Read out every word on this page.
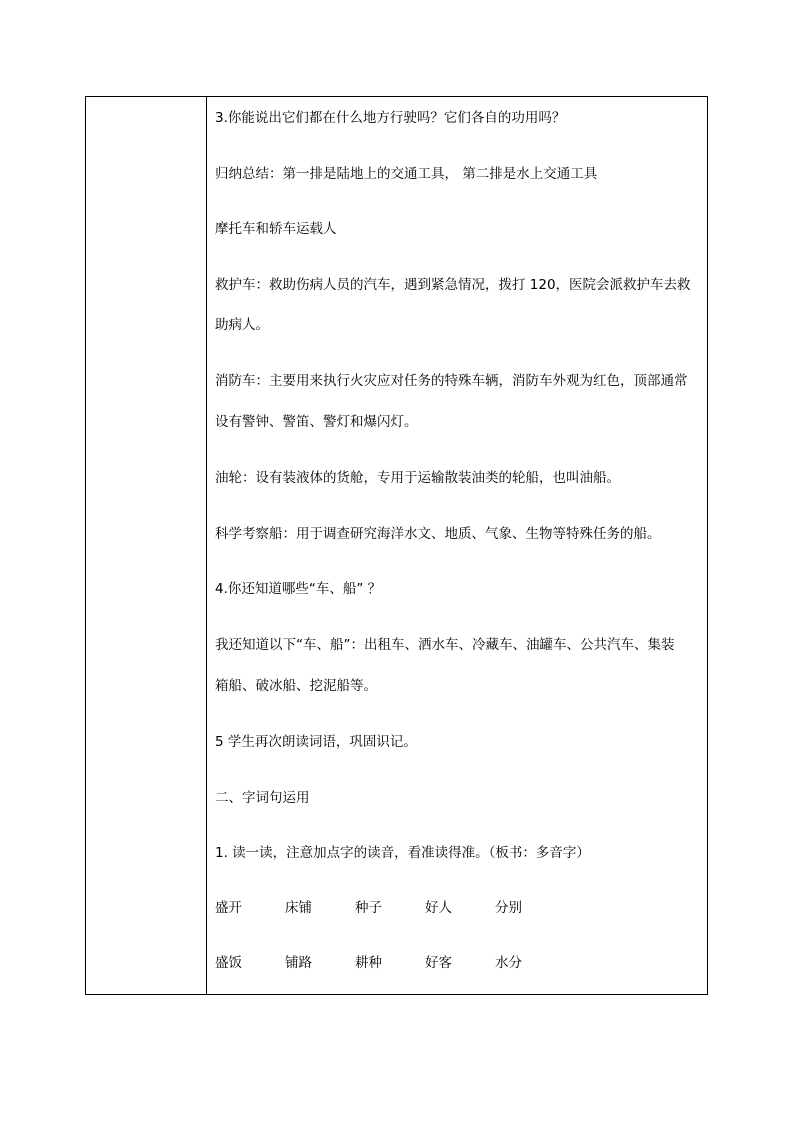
3.你能说出它们都在什么地方行驶吗？它们各自的功用吗？
归纳总结：第一排是陆地上的交通工具， 第二排是水上交通工具
摩托车和轿车运载人
救护车：救助伤病人员的汽车，遇到紧急情况，拨打 120，医院会派救护车去救
助病人。
消防车：主要用来执行火灾应对任务的特殊车辆，消防车外观为红色，顶部通常
设有警钟、警笛、警灯和爆闪灯。
油轮：设有装液体的货舱，专用于运输散装油类的轮船，也叫油船。
科学考察船：用于调查研究海洋水文、地质、气象、生物等特殊任务的船。
4.你还知道哪些“车、船” ？
我还知道以下“车、船”：出租车、洒水车、冷藏车、油罐车、公共汽车、集装
箱船、破冰船、挖泥船等。
5 学生再次朗读词语，巩固识记。
二、字词句运用
1. 读一读，注意加点字的读音，看准读得准。（板书：多音字）
盛开	床铺	种子	好人	分别
盛饭	铺路	耕种	好客	水分
